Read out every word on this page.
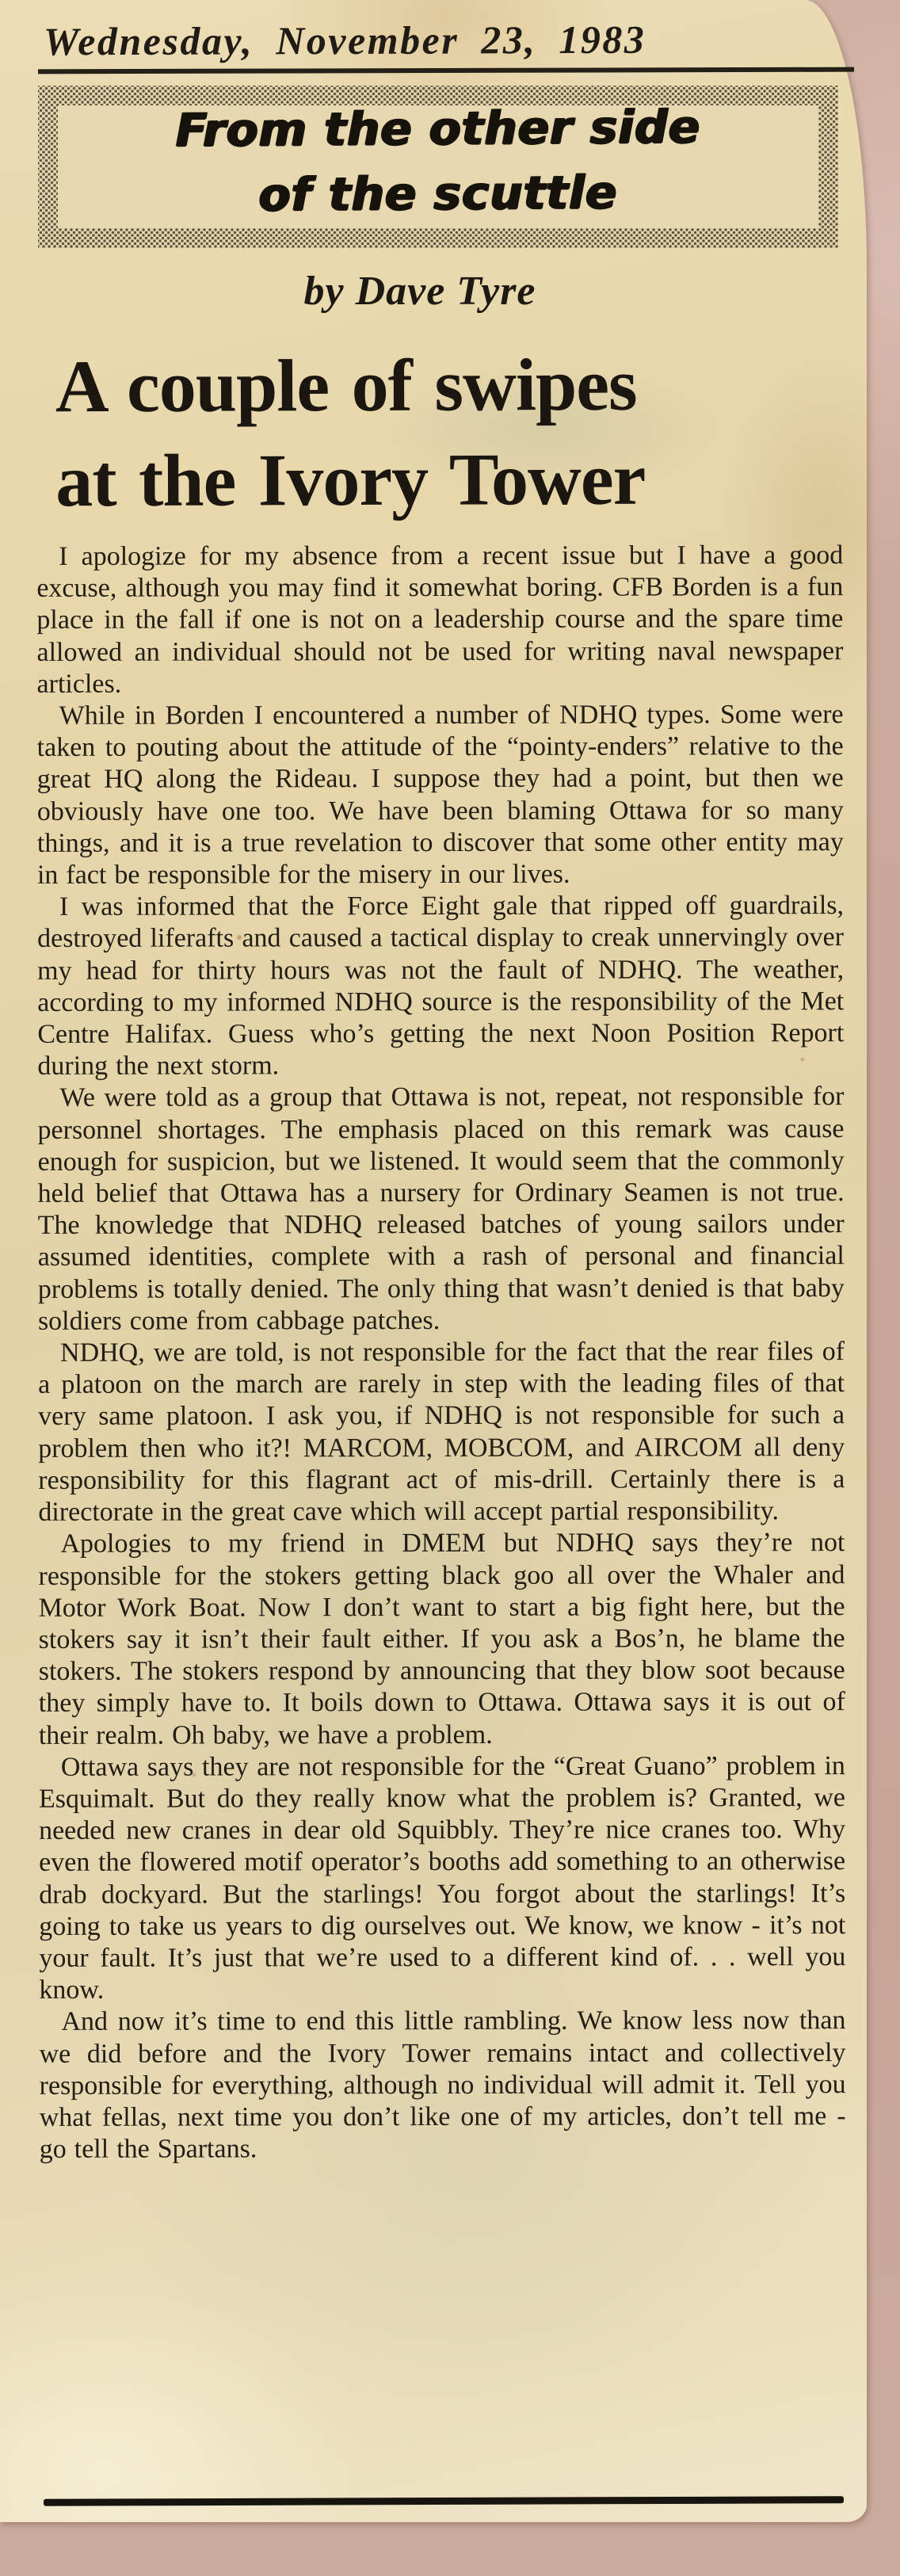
Wednesday, November 23, 1983
From the other side
of the scuttle
by Dave Tyre
A couple of swipes
at the Ivory Tower

I apologize for my absence from a recent issue but I have a good excuse, although you may find it somewhat boring. CFB Borden is a fun place in the fall if one is not on a leadership course and the spare time allowed an individual should not be used for writing naval newspaper articles.

While in Borden I encountered a number of NDHQ types. Some were taken to pouting about the attitude of the “pointy-enders” relative to the great HQ along the Rideau. I suppose they had a point, but then we obviously have one too. We have been blaming Ottawa for so many things, and it is a true revelation to discover that some other entity may in fact be responsible for the misery in our lives.

I was informed that the Force Eight gale that ripped off guardrails, destroyed liferafts and caused a tactical display to creak unnervingly over my head for thirty hours was not the fault of NDHQ. The weather, according to my informed NDHQ source is the responsibility of the Met Centre Halifax. Guess who’s getting the next Noon Position Report during the next storm.

We were told as a group that Ottawa is not, repeat, not responsible for personnel shortages. The emphasis placed on this remark was cause enough for suspicion, but we listened. It would seem that the commonly held belief that Ottawa has a nursery for Ordinary Seamen is not true. The knowledge that NDHQ released batches of young sailors under assumed identities, complete with a rash of personal and financial problems is totally denied. The only thing that wasn’t denied is that baby soldiers come from cabbage patches.

NDHQ, we are told, is not responsible for the fact that the rear files of a platoon on the march are rarely in step with the leading files of that very same platoon. I ask you, if NDHQ is not responsible for such a problem then who it?! MARCOM, MOBCOM, and AIRCOM all deny responsibility for this flagrant act of mis-drill. Certainly there is a directorate in the great cave which will accept partial responsibility.

Apologies to my friend in DMEM but NDHQ says they’re not responsible for the stokers getting black goo all over the Whaler and Motor Work Boat. Now I don’t want to start a big fight here, but the stokers say it isn’t their fault either. If you ask a Bos’n, he blame the stokers. The stokers respond by announcing that they blow soot because they simply have to. It boils down to Ottawa. Ottawa says it is out of their realm. Oh baby, we have a problem.

Ottawa says they are not responsible for the “Great Guano” problem in Esquimalt. But do they really know what the problem is? Granted, we needed new cranes in dear old Squibbly. They’re nice cranes too. Why even the flowered motif operator’s booths add something to an otherwise drab dockyard. But the starlings! You forgot about the starlings! It’s going to take us years to dig ourselves out. We know, we know - it’s not your fault. It’s just that we’re used to a different kind of. . . well you know.

And now it’s time to end this little rambling. We know less now than we did before and the Ivory Tower remains intact and collectively responsible for everything, although no individual will admit it. Tell you what fellas, next time you don’t like one of my articles, don’t tell me - go tell the Spartans.
